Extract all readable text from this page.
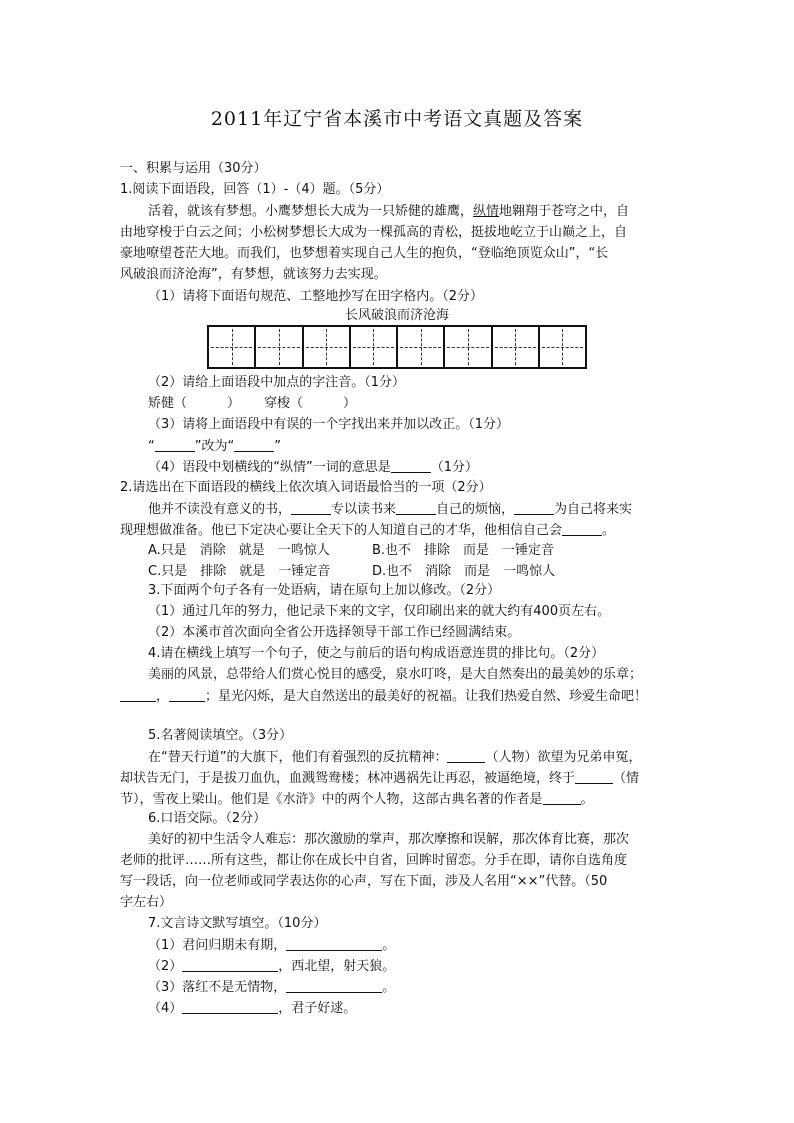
2011年辽宁省本溪市中考语文真题及答案
一、积累与运用（30分）
1.阅读下面语段，回答（1）-（4）题。（5分）
活着，就该有梦想。小鹰梦想长大成为一只矫健的雄鹰，纵情地翱翔于苍穹之中，自
由地穿梭于白云之间；小松树梦想长大成为一棵孤高的青松，挺拔地屹立于山巅之上，自
豪地嘹望苍茫大地。而我们，也梦想着实现自己人生的抱负，“登临绝顶览众山”，“长
风破浪而济沧海”，有梦想，就该努力去实现。
（1）请将下面语句规范、工整地抄写在田字格内。（2分）
长风破浪而济沧海
（2）请给上面语段中加点的字注音。（1分）
矫健（	） 穿梭（	）
（3）请将上面语段中有误的一个字找出来并加以改正。（1分）
“	”改为“	”
（4）语段中划横线的“纵情”一词的意思是	（1分）
2.请选出在下面语段的横线上依次填入词语最恰当的一项（2分）
他并不读没有意义的书，	专以读书来	自己的烦恼，	为自己将来实
现理想做准备。他已下定决心要让全天下的人知道自己的才华，他相信自己会	。
A.只是　消除　就是　一鸣惊人	B.也不　排除　而是　一锤定音
C.只是　排除　就是　一锤定音	D.也不　消除　而是　一鸣惊人
3.下面两个句子各有一处语病，请在原句上加以修改。（2分）
（1）通过几年的努力，他记录下来的文字，仅印刷出来的就大约有400页左右。
（2）本溪市首次面向全省公开选择领导干部工作已经圆满结束。
4.请在横线上填写一个句子，使之与前后的语句构成语意连贯的排比句。（2分）
美丽的风景，总带给人们赏心悦目的感受，泉水叮咚，是大自然奏出的最美妙的乐章；
，	；星光闪烁，是大自然送出的最美好的祝福。让我们热爱自然、珍爱生命吧！
5.名著阅读填空。（3分）
在“替天行道”的大旗下，他们有着强烈的反抗精神：	（人物）欲望为兄弟申冤，
却状告无门，于是拔刀血仇，血溅鸳鸯楼；林冲遇祸先让再忍，被逼绝境，终于	（情
节），雪夜上梁山。他们是《水浒》中的两个人物，这部古典名著的作者是	。
6.口语交际。（2分）
美好的初中生活令人难忘：那次激励的掌声，那次摩擦和误解，那次体育比赛，那次
老师的批评……所有这些，都让你在成长中自省，回眸时留恋。分手在即，请你自选角度
写一段话，向一位老师或同学表达你的心声，写在下面，涉及人名用“××”代替。（50
字左右）
7.文言诗文默写填空。（10分）
（1）君问归期未有期，	。
（2）	，西北望，射天狼。
（3）落红不是无情物，	。
（4）	，君子好逑。
